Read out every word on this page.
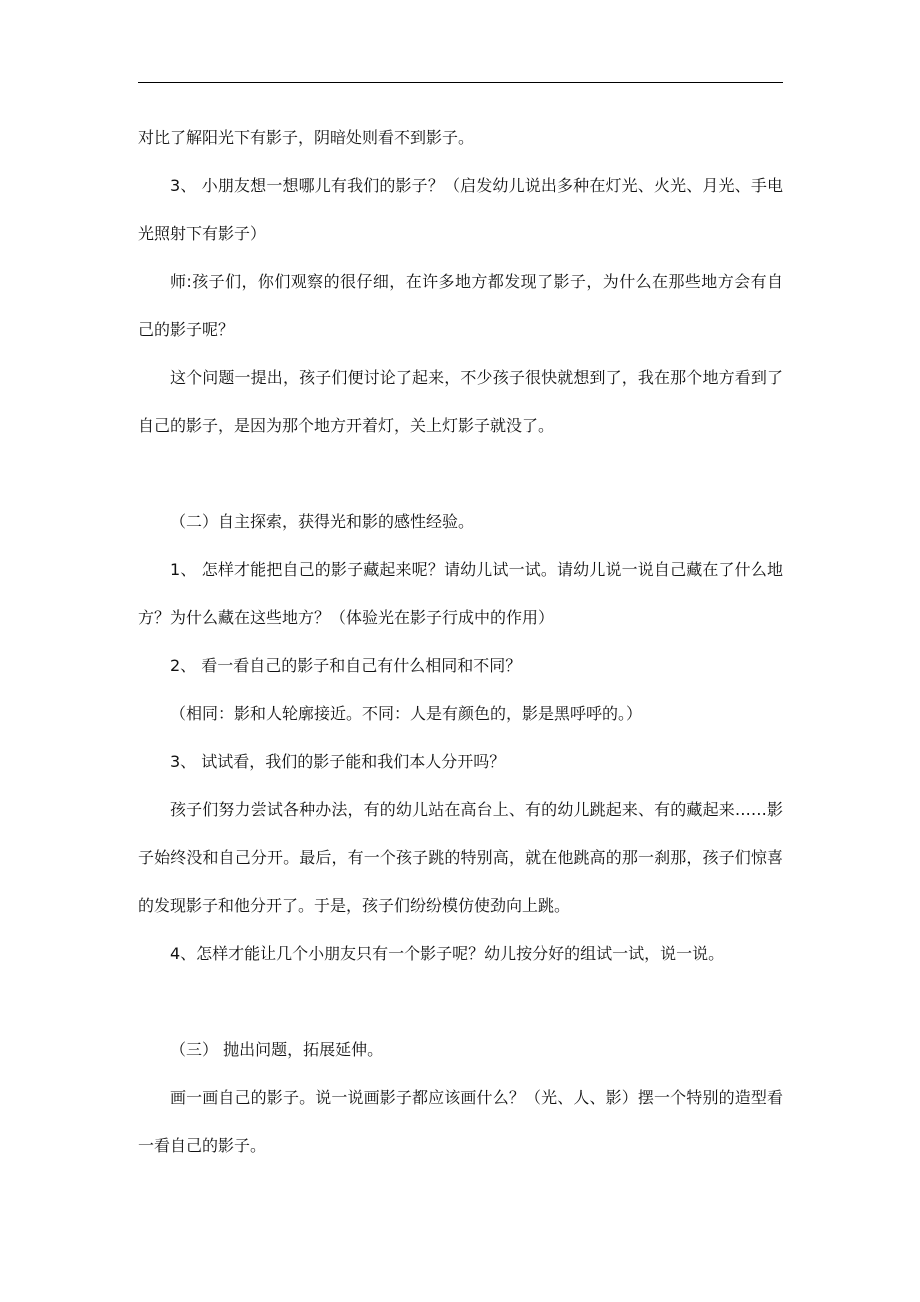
对比了解阳光下有影子，阴暗处则看不到影子。

3、 小朋友想一想哪儿有我们的影子？（启发幼儿说出多种在灯光、火光、月光、手电光照射下有影子）

师:孩子们，你们观察的很仔细，在许多地方都发现了影子，为什么在那些地方会有自己的影子呢？

这个问题一提出，孩子们便讨论了起来，不少孩子很快就想到了，我在那个地方看到了自己的影子，是因为那个地方开着灯，关上灯影子就没了。

（二）自主探索，获得光和影的感性经验。

1、 怎样才能把自己的影子藏起来呢？请幼儿试一试。请幼儿说一说自己藏在了什么地方？为什么藏在这些地方？（体验光在影子行成中的作用）

2、 看一看自己的影子和自己有什么相同和不同？

（相同：影和人轮廓接近。不同：人是有颜色的，影是黑呼呼的。）

3、 试试看，我们的影子能和我们本人分开吗？

孩子们努力尝试各种办法，有的幼儿站在高台上、有的幼儿跳起来、有的藏起来……影子始终没和自己分开。最后，有一个孩子跳的特别高，就在他跳高的那一刹那，孩子们惊喜的发现影子和他分开了。于是，孩子们纷纷模仿使劲向上跳。

4、怎样才能让几个小朋友只有一个影子呢？幼儿按分好的组试一试，说一说。

（三） 抛出问题，拓展延伸。

画一画自己的影子。说一说画影子都应该画什么？（光、人、影）摆一个特别的造型看一看自己的影子。
